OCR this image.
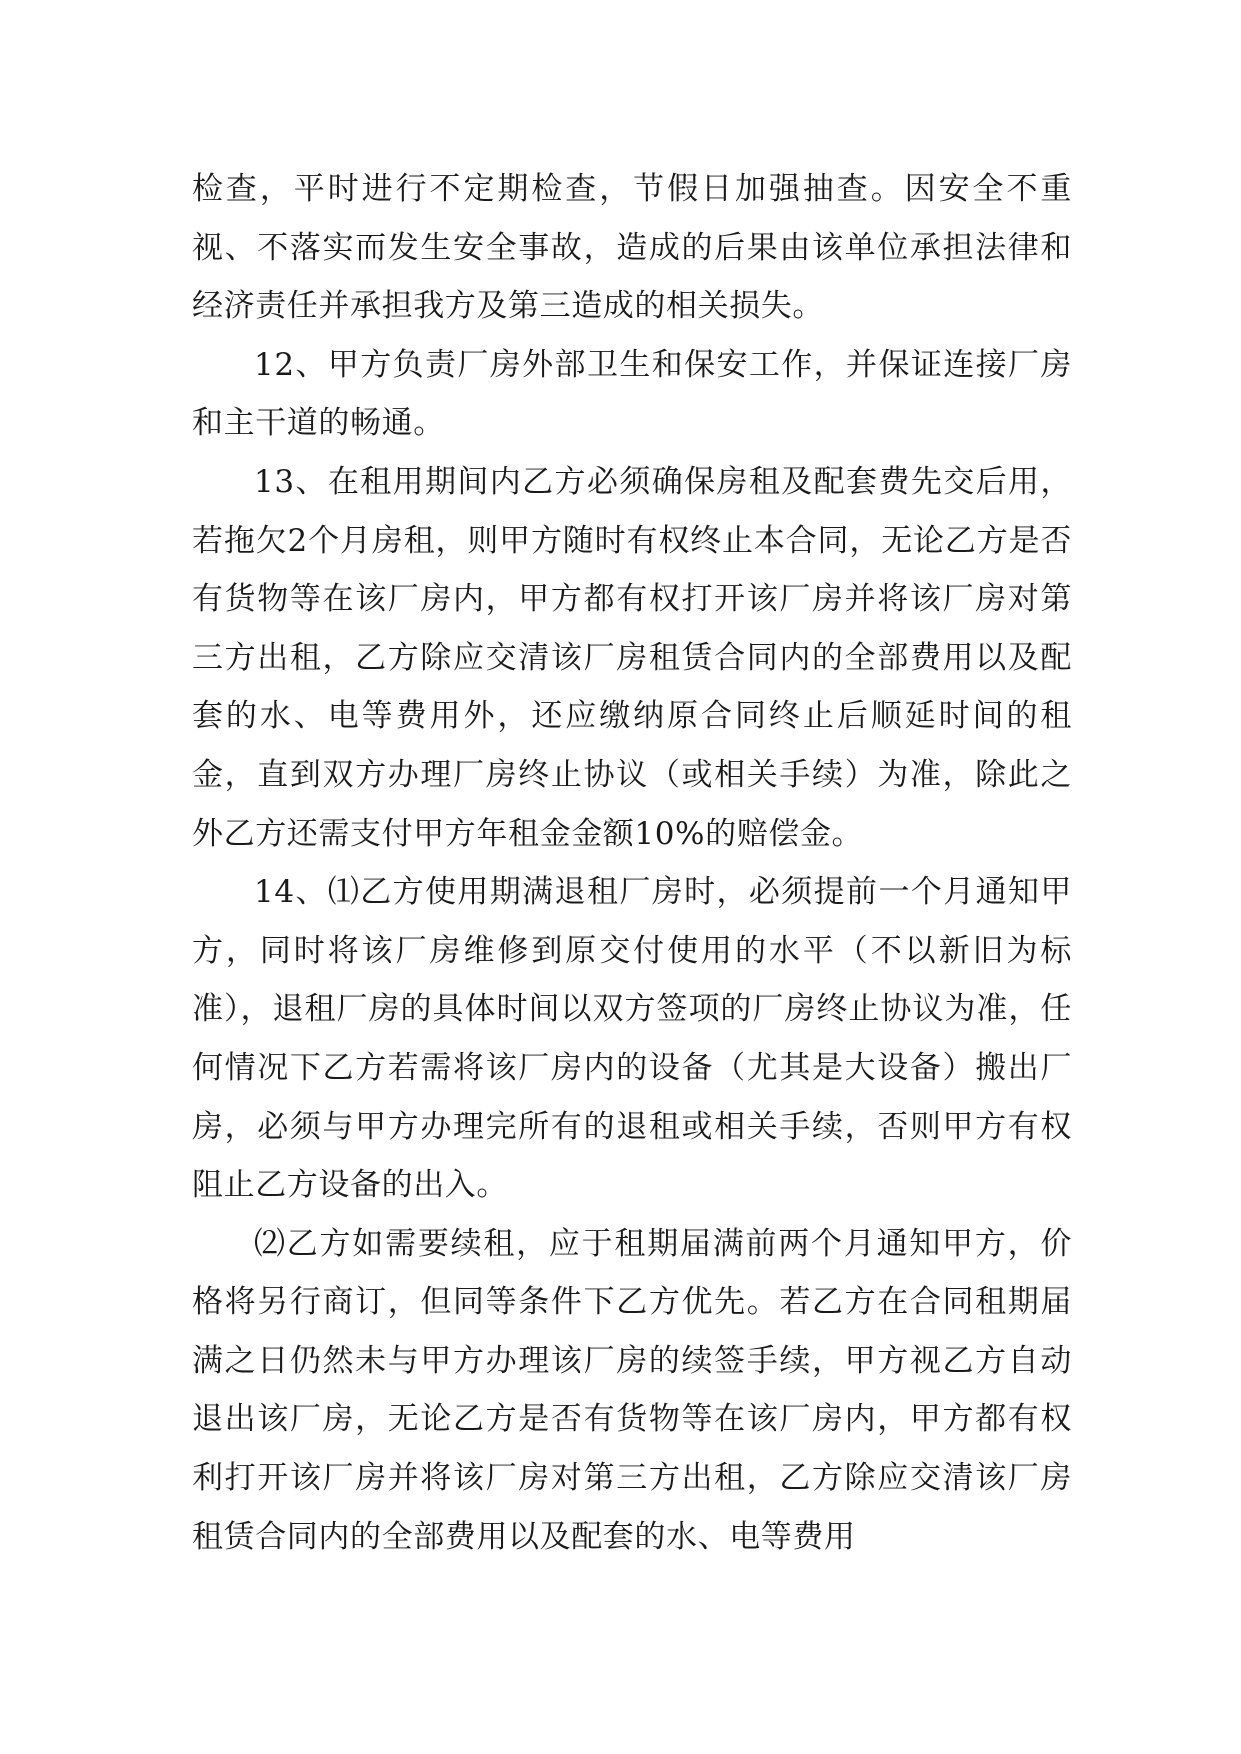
检查，平时进行不定期检查，节假日加强抽查。因安全不重视、不落实而发生安全事故，造成的后果由该单位承担法律和经济责任并承担我方及第三造成的相关损失。

12、甲方负责厂房外部卫生和保安工作，并保证连接厂房和主干道的畅通。

13、在租用期间内乙方必须确保房租及配套费先交后用，若拖欠2个月房租，则甲方随时有权终止本合同，无论乙方是否有货物等在该厂房内，甲方都有权打开该厂房并将该厂房对第三方出租，乙方除应交清该厂房租赁合同内的全部费用以及配套的水、电等费用外，还应缴纳原合同终止后顺延时间的租金，直到双方办理厂房终止协议（或相关手续）为准，除此之外乙方还需支付甲方年租金金额10%的赔偿金。

14、⑴乙方使用期满退租厂房时，必须提前一个月通知甲方，同时将该厂房维修到原交付使用的水平（不以新旧为标准），退租厂房的具体时间以双方签项的厂房终止协议为准，任何情况下乙方若需将该厂房内的设备（尤其是大设备）搬出厂房，必须与甲方办理完所有的退租或相关手续，否则甲方有权阻止乙方设备的出入。

⑵乙方如需要续租，应于租期届满前两个月通知甲方，价格将另行商订，但同等条件下乙方优先。若乙方在合同租期届满之日仍然未与甲方办理该厂房的续签手续，甲方视乙方自动退出该厂房，无论乙方是否有货物等在该厂房内，甲方都有权利打开该厂房并将该厂房对第三方出租，乙方除应交清该厂房租赁合同内的全部费用以及配套的水、电等费用
